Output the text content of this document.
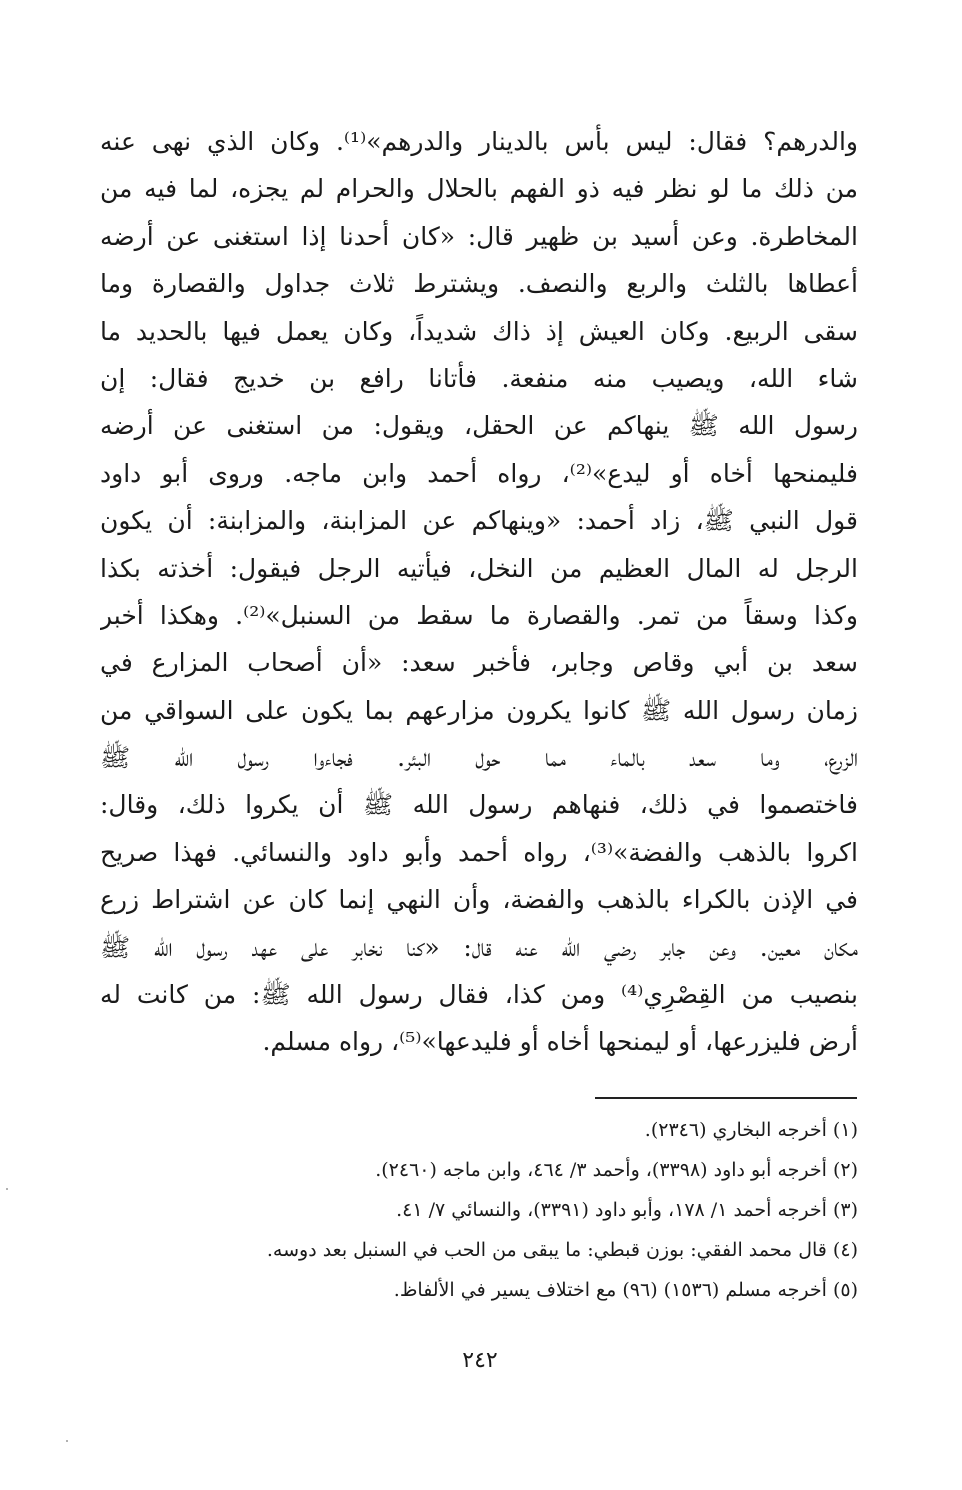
والدرهم؟ فقال: ليس بأس بالدينار والدرهم»⁽¹⁾. وكان الذي نهى عنه
من ذلك ما لو نظر فيه ذو الفهم بالحلال والحرام لم يجزه، لما فيه من
المخاطرة. وعن أسيد بن ظهير قال: «كان أحدنا إذا استغنى عن أرضه
أعطاها بالثلث والربع والنصف. ويشترط ثلاث جداول والقصارة وما
سقى الربيع. وكان العيش إذ ذاك شديداً، وكان يعمل فيها بالحديد ما
شاء الله، ويصيب منه منفعة. فأتانا رافع بن خديج فقال: إن
رسول الله ﷺ ينهاكم عن الحقل، ويقول: من استغنى عن أرضه
فليمنحها أخاه أو ليدع»⁽²⁾، رواه أحمد وابن ماجه. وروى أبو داود
قول النبي ﷺ، زاد أحمد: «وينهاكم عن المزابنة، والمزابنة: أن يكون
الرجل له المال العظيم من النخل، فيأتيه الرجل فيقول: أخذته بكذا
وكذا وسقاً من تمر. والقصارة ما سقط من السنبل»⁽²⁾. وهكذا أخبر
سعد بن أبي وقاص وجابر، فأخبر سعد: «أن أصحاب المزارع في
زمان رسول الله ﷺ كانوا يكرون مزارعهم بما يكون على السواقي من
الزرع، وما سعد بالماء مما حول البئر. فجاءوا رسول الله ﷺ
فاختصموا في ذلك، فنهاهم رسول الله ﷺ أن يكروا ذلك، وقال:
اكروا بالذهب والفضة»⁽³⁾، رواه أحمد وأبو داود والنسائي. فهذا صريح
في الإذن بالكراء بالذهب والفضة، وأن النهي إنما كان عن اشتراط زرع
مكان معين. وعن جابر رضي الله عنه قال: «كنا نخابر على عهد رسول الله ﷺ
بنصيب من القِصْرِي⁽⁴⁾ ومن كذا، فقال رسول الله ﷺ: من كانت له
أرض فليزرعها، أو ليمنحها أخاه أو فليدعها»⁽⁵⁾، رواه مسلم.
(١) أخرجه البخاري (٢٣٤٦).
(٢) أخرجه أبو داود (٣٣٩٨)، وأحمد ٣/ ٤٦٤، وابن ماجه (٢٤٦٠).
(٣) أخرجه أحمد ١/ ١٧٨، وأبو داود (٣٣٩١)، والنسائي ٧/ ٤١.
(٤) قال محمد الفقي: بوزن قبطي: ما يبقى من الحب في السنبل بعد دوسه.
(٥) أخرجه مسلم (١٥٣٦) (٩٦) مع اختلاف يسير في الألفاظ.
٢٤٢
